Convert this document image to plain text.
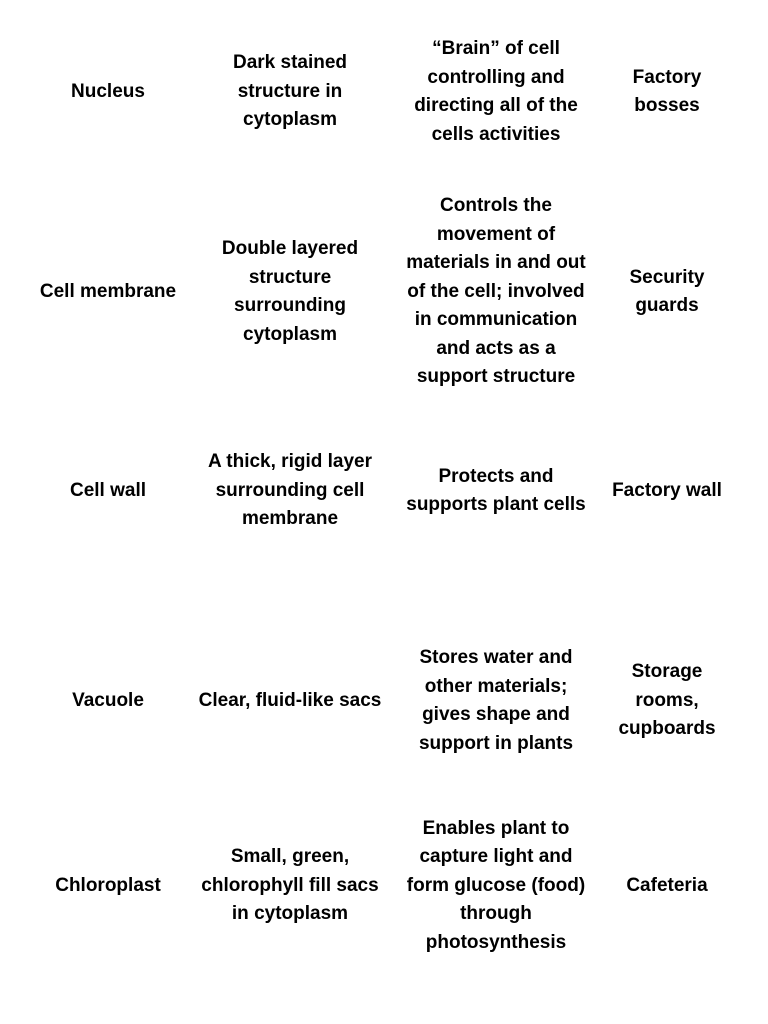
Nucleus
Dark stained
structure in
cytoplasm
“Brain” of cell
controlling and
directing all of the
cells activities
Factory
bosses
Cell membrane
Double layered
structure
surrounding
cytoplasm
Controls the
movement of
materials in and out
of the cell; involved
in communication
and acts as a
support structure
Security
guards
Cell wall
A thick, rigid layer
surrounding cell
membrane
Protects and
supports plant cells
Factory wall
Vacuole	Clear, fluid-like sacs
Stores water and
other materials;
gives shape and
support in plants
Storage
rooms,
cupboards
Chloroplast
Small, green,
chlorophyll fill sacs
in cytoplasm
Enables plant to
capture light and
form glucose (food)
through
photosynthesis
Cafeteria
